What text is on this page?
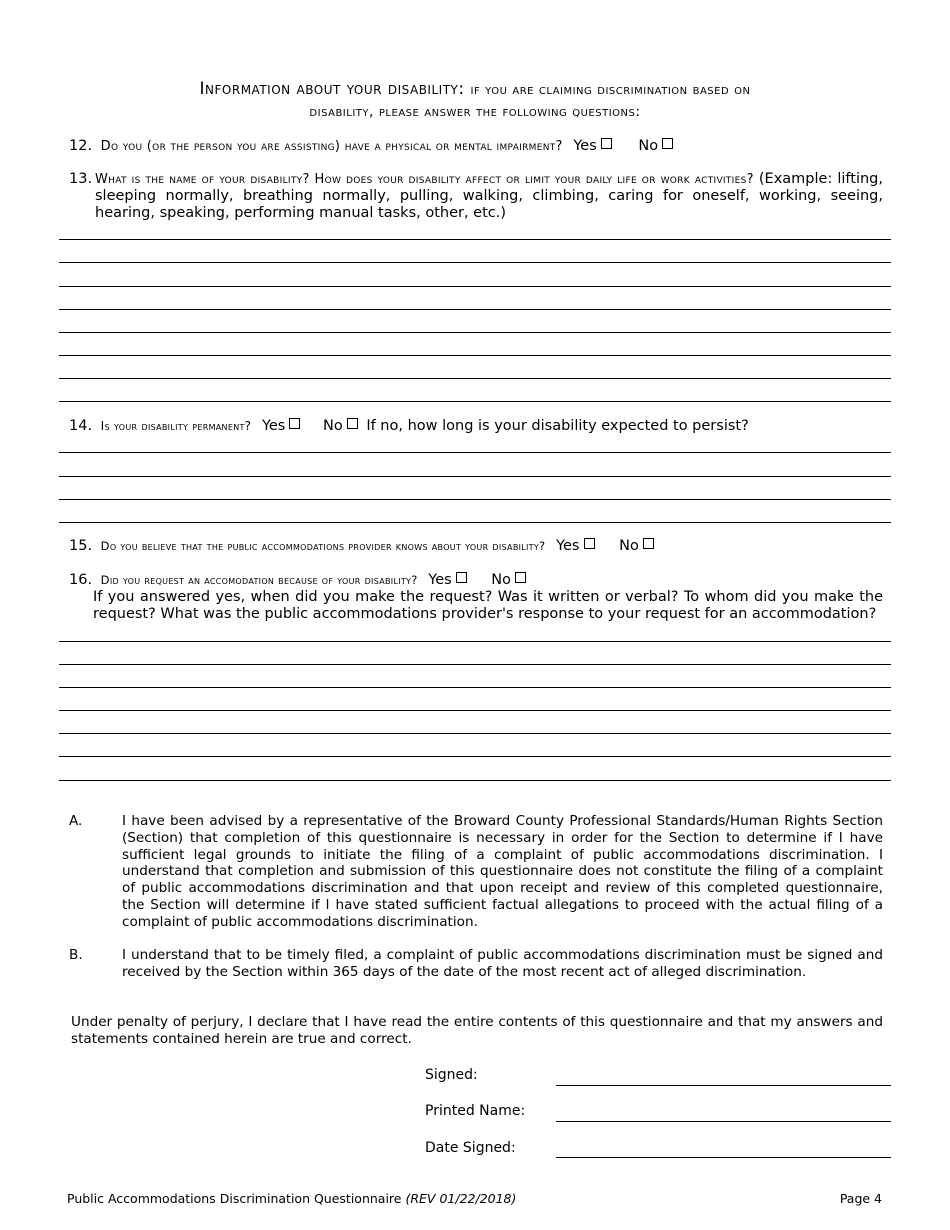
Information about your disability: if you are claiming discrimination based on
disability, please answer the following questions:
12. Do you (or the person you are assisting) have a physical or mental impairment? Yes	No
13. What is the name of your disability? How does your disability affect or limit your daily life or work activities? (Example: lifting, sleeping normally, breathing normally, pulling, walking, climbing, caring for oneself, working, seeing, hearing, speaking, performing manual tasks, other, etc.)
14. Is your disability permanent? Yes	No If no, how long is your disability expected to persist?
15. Do you believe that the public accommodations provider knows about your disability? Yes	No
16. Did you request an accomodation because of your disability? Yes	No
If you answered yes, when did you make the request? Was it written or verbal? To whom did you make the request? What was the public accommodations provider's response to your request for an accommodation?
A.	I have been advised by a representative of the Broward County Professional Standards/Human Rights Section (Section) that completion of this questionnaire is necessary in order for the Section to determine if I have sufficient legal grounds to initiate the filing of a complaint of public accommodations discrimination. I understand that completion and submission of this questionnaire does not constitute the filing of a complaint of public accommodations discrimination and that upon receipt and review of this completed questionnaire, the Section will determine if I have stated sufficient factual allegations to proceed with the actual filing of a complaint of public accommodations discrimination.
B.	I understand that to be timely filed, a complaint of public accommodations discrimination must be signed and received by the Section within 365 days of the date of the most recent act of alleged discrimination.
Under penalty of perjury, I declare that I have read the entire contents of this questionnaire and that my answers and statements contained herein are true and correct.
Signed:
Printed Name:
Date Signed:
Public Accommodations Discrimination Questionnaire (REV 01/22/2018)	Page 4
